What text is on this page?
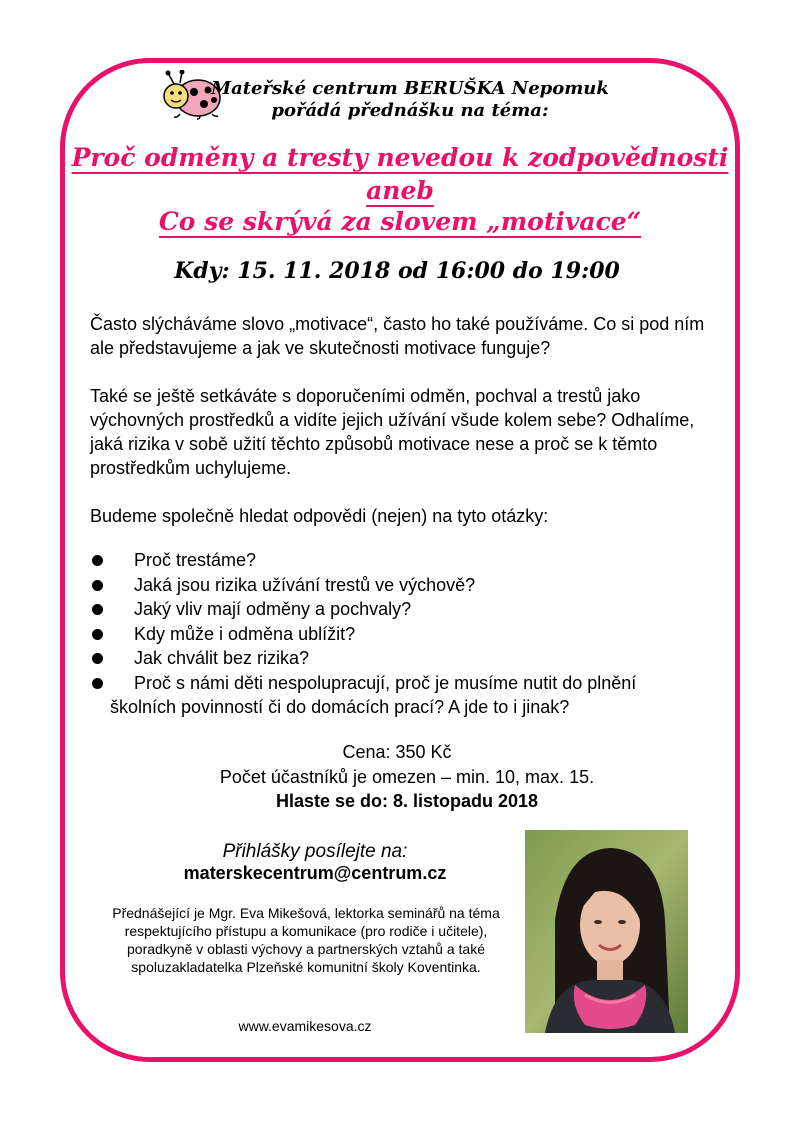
Mateřské centrum BERUŠKA Nepomuk
pořádá přednášku na téma:
Proč odměny a tresty nevedou k zodpovědnosti
aneb
Co se skrývá za slovem „motivace“
Kdy: 15. 11. 2018 od 16:00 do 19:00
Často slýcháváme slovo „motivace“, často ho také používáme. Co si pod ním ale představujeme a jak ve skutečnosti motivace funguje?
Také se ještě setkáváte s doporučeními odměn, pochval a trestů jako výchovných prostředků a vidíte jejich užívání všude kolem sebe? Odhalíme, jaká rizika v sobě užití těchto způsobů motivace nese a proč se k těmto prostředkům uchylujeme.
Budeme společně hledat odpovědi (nejen) na tyto otázky:
Proč trestáme?
Jaká jsou rizika užívání trestů ve výchově?
Jaký vliv mají odměny a pochvaly?
Kdy může i odměna ublížit?
Jak chválit bez rizika?
Proč s námi děti nespolupracují, proč je musíme nutit do plnění školních povinností či do domácích prací? A jde to i jinak?
Cena: 350 Kč
Počet účastníků je omezen – min. 10, max. 15.
Hlaste se do: 8. listopadu 2018
Přihlášky posílejte na:
materskecentrum@centrum.cz
Přednášející je Mgr. Eva Mikešová, lektorka seminářů na téma respektujícího přístupu a komunikace (pro rodiče i učitele), poradkyně v oblasti výchovy a partnerských vztahů a také spoluzakladatelka Plzeňské komunitní školy Koventinka.
www.evamikesova.cz
